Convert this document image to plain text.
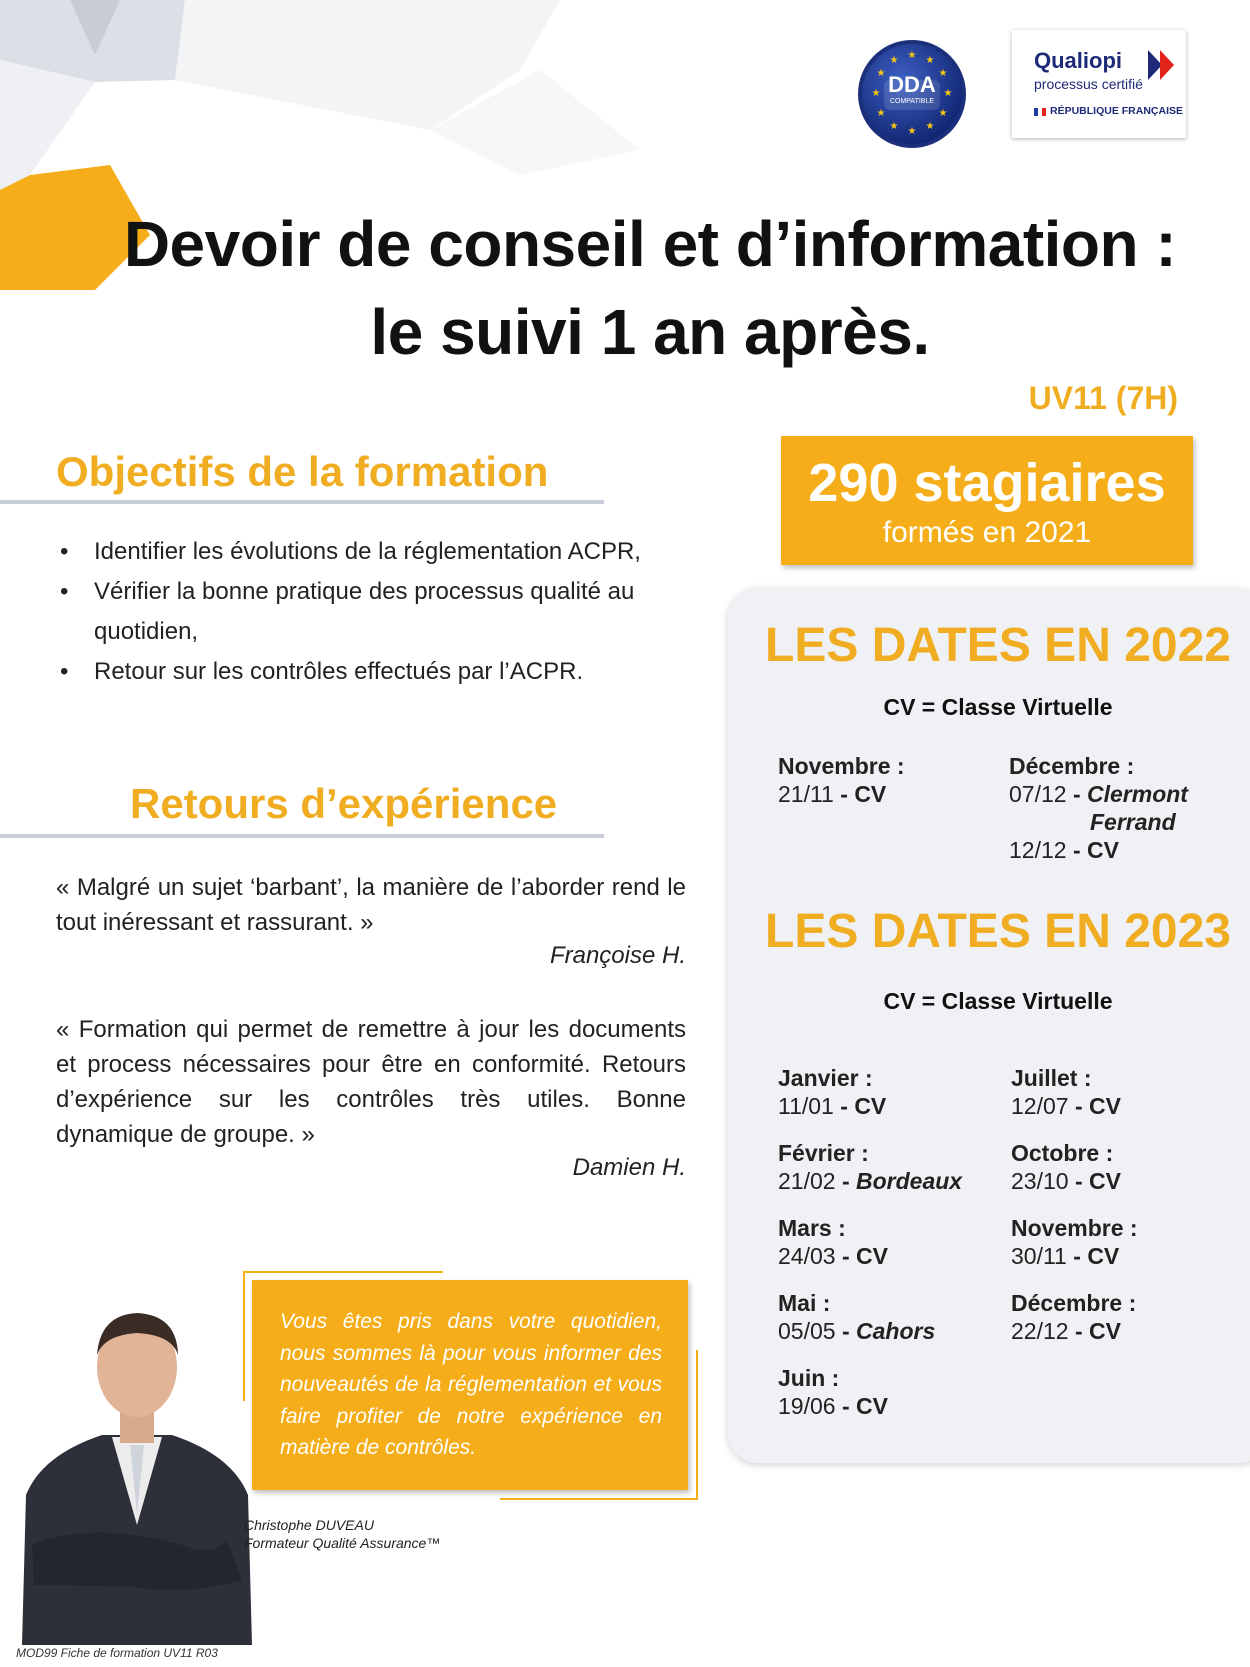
★ ★
★
★
★
★
★
★
★
★
★
★
DDA
COMPATIBLE
Qualiopi
processus certifié
RÉPUBLIQUE FRANÇAISE
Devoir de conseil et d’information :
le suivi 1 an après.
UV11 (7H)
Objectifs de la formation
• Identifier les évolutions de la réglementation ACPR,
• Vérifier la bonne pratique des processus qualité au quotidien,
• Retour sur les contrôles effectués par l’ACPR.
Retours d’expérience
« Malgré un sujet ‘barbant’, la manière de l’aborder rend le tout inéressant et rassurant. »
Françoise H.
« Formation qui permet de remettre à jour les documents et process nécessaires pour être en conformité. Retours d’expérience sur les contrôles très utiles. Bonne dynamique de groupe. »
Damien H.
290 stagiaires
formés en 2021
LES DATES EN 2022
CV = Classe Virtuelle
Novembre :
21/11 - CV
Décembre :
07/12 - Clermont
Ferrand
12/12 - CV
LES DATES EN 2023
CV = Classe Virtuelle
Janvier :
11/01 - CV
Février :
21/02 - Bordeaux
Mars :
24/03 - CV
Mai :
05/05 - Cahors
Juin :
19/06 - CV
Juillet :
12/07 - CV
Octobre :
23/10 - CV
Novembre :
30/11 - CV
Décembre :
22/12 - CV
Vous êtes pris dans votre quotidien, nous sommes là pour vous informer des nouveautés de la réglementation et vous faire profiter de notre expérience en matière de contrôles.
Christophe DUVEAU
Formateur Qualité Assurance™
MOD99 Fiche de formation UV11 R03
